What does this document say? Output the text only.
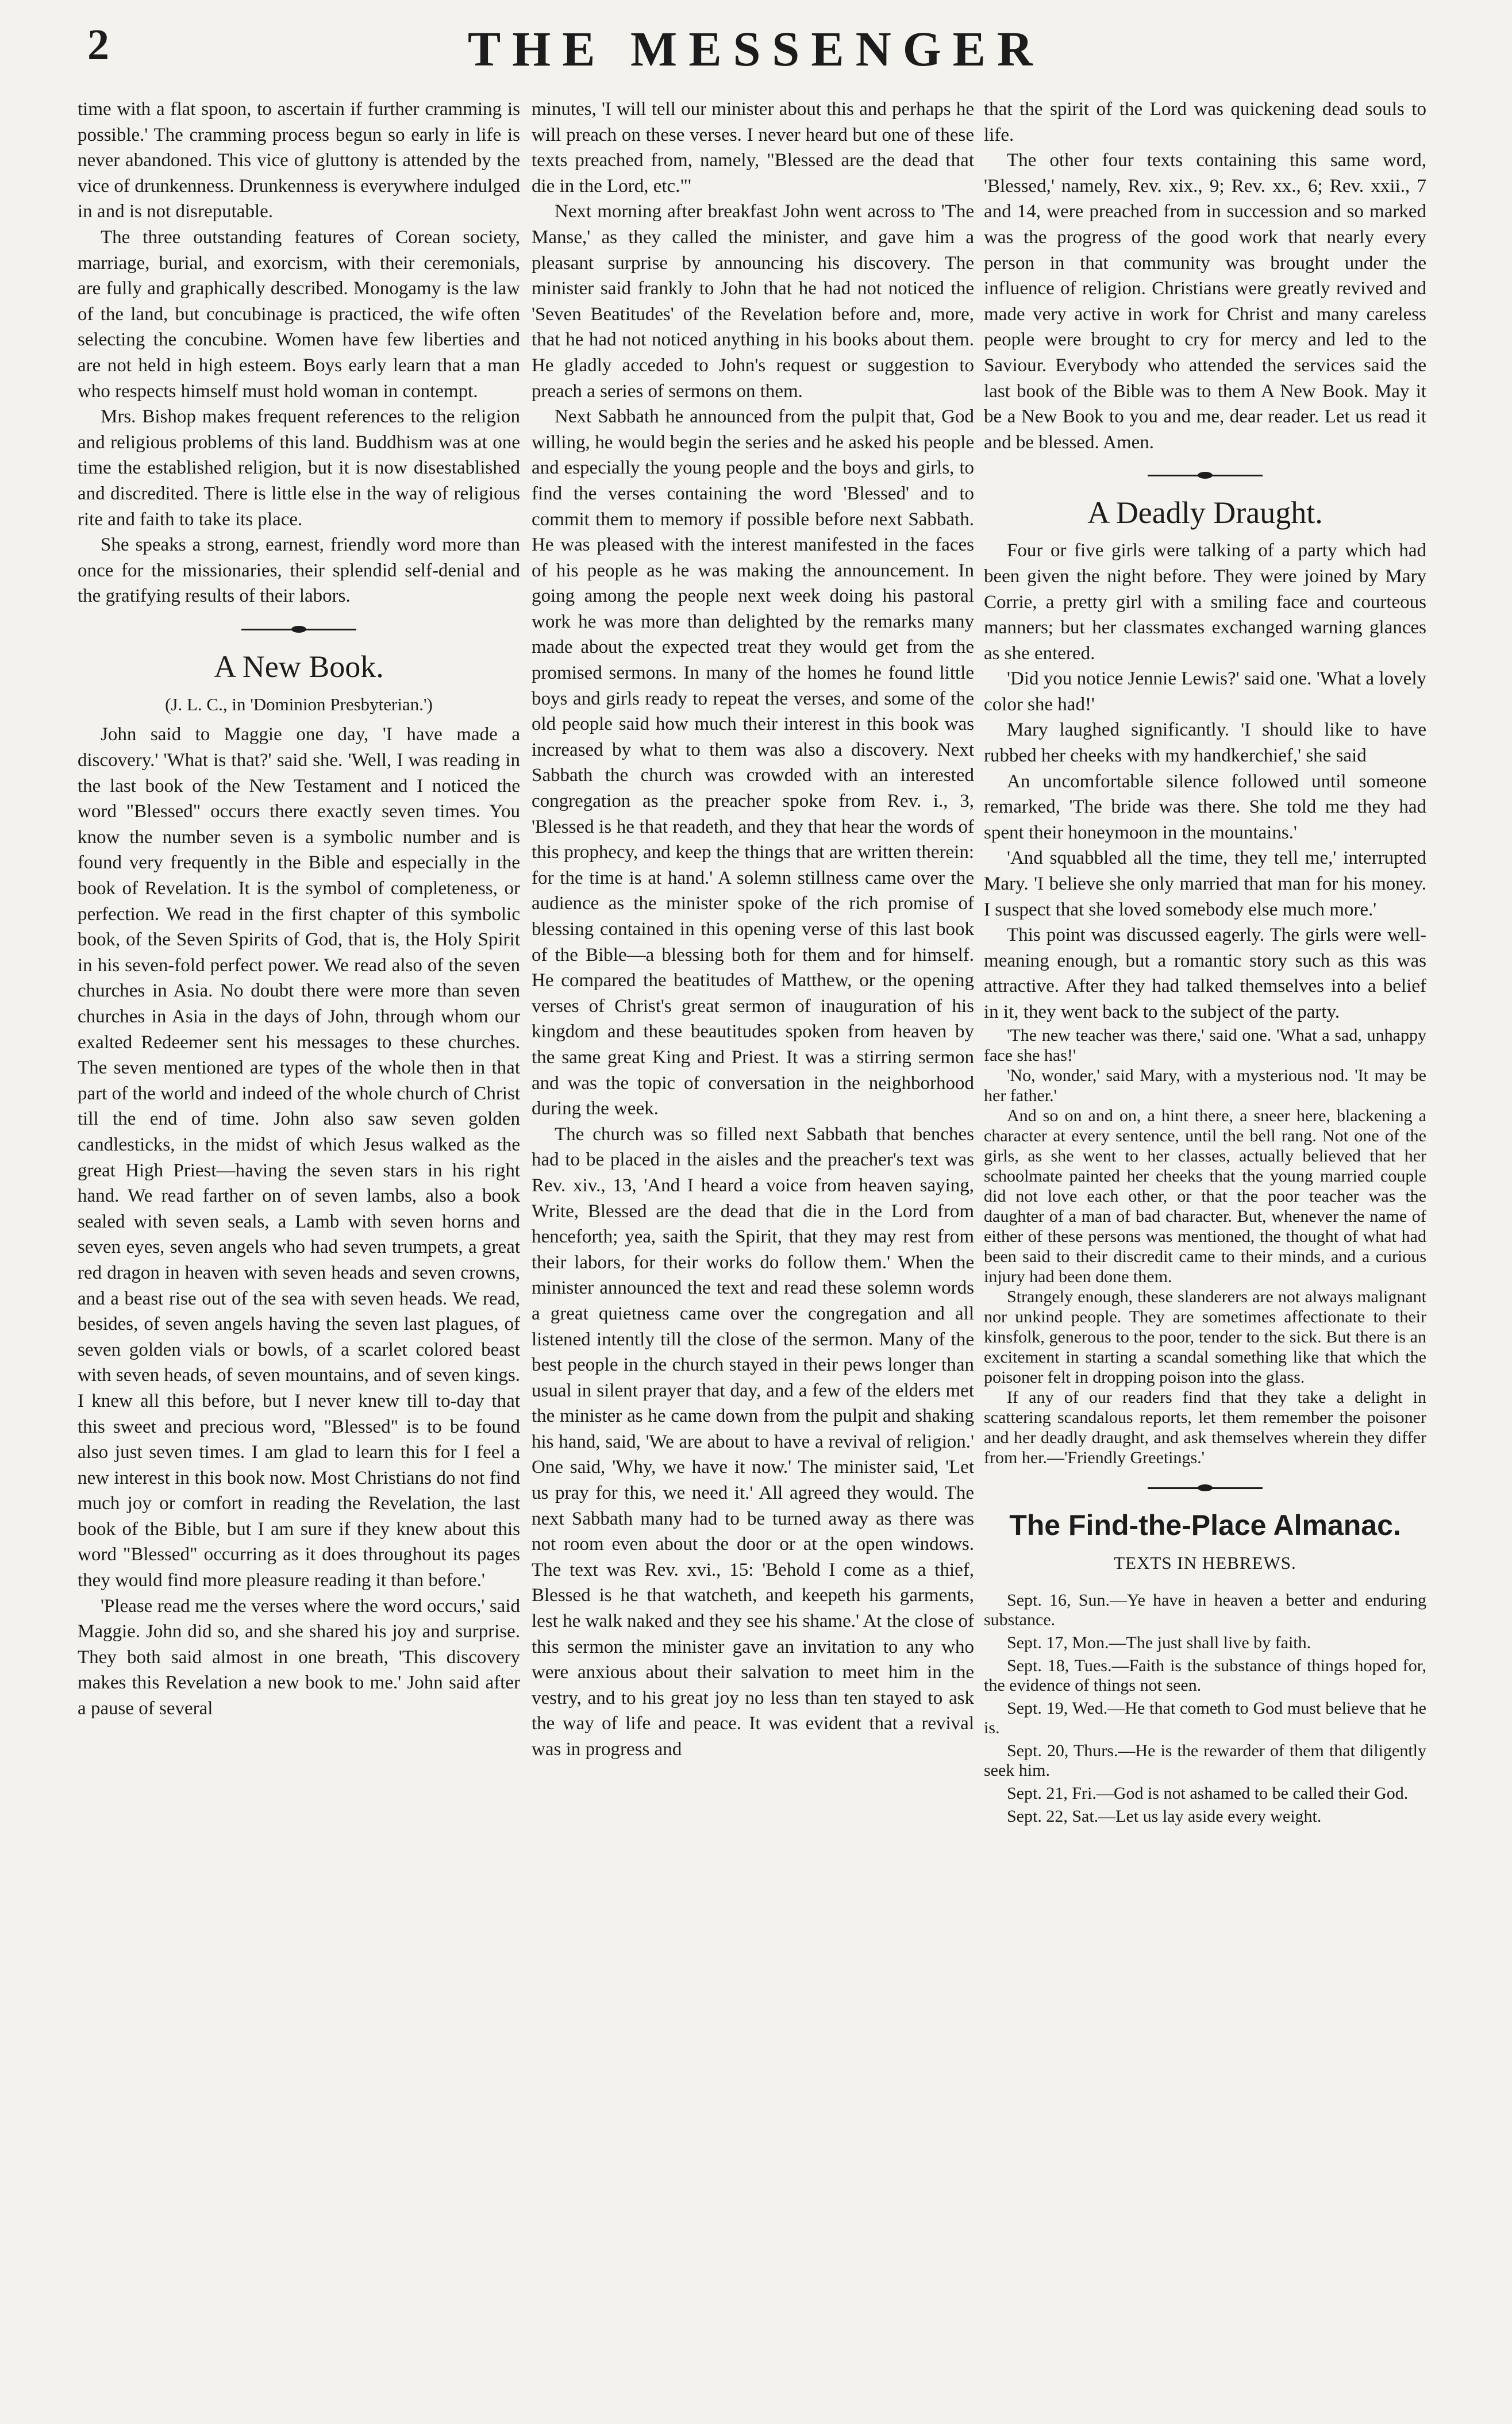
2	THE MESSENGER

time with a flat spoon, to ascertain if further cramming is possible.' The cramming process begun so early in life is never abandoned. This vice of gluttony is attended by the vice of drunkenness. Drunkenness is everywhere indulged in and is not disreputable.

The three outstanding features of Corean society, marriage, burial, and exorcism, with their ceremonials, are fully and graphically described. Monogamy is the law of the land, but concubinage is practiced, the wife often selecting the concubine. Women have few liberties and are not held in high esteem. Boys early learn that a man who respects himself must hold woman in contempt.

Mrs. Bishop makes frequent references to the religion and religious problems of this land. Buddhism was at one time the established religion, but it is now disestablished and discredited. There is little else in the way of religious rite and faith to take its place.

She speaks a strong, earnest, friendly word more than once for the missionaries, their splendid self-denial and the gratifying results of their labors.

A New Book.
(J. L. C., in 'Dominion Presbyterian.')

John said to Maggie one day, 'I have made a discovery.' 'What is that?' said she. 'Well, I was reading in the last book of the New Testament and I noticed the word "Blessed" occurs there exactly seven times. You know the number seven is a symbolic number and is found very frequently in the Bible and especially in the book of Revelation. It is the symbol of completeness, or perfection. We read in the first chapter of this symbolic book, of the Seven Spirits of God, that is, the Holy Spirit in his seven-fold perfect power. We read also of the seven churches in Asia. No doubt there were more than seven churches in Asia in the days of John, through whom our exalted Redeemer sent his messages to these churches. The seven mentioned are types of the whole then in that part of the world and indeed of the whole church of Christ till the end of time. John also saw seven golden candlesticks, in the midst of which Jesus walked as the great High Priest—having the seven stars in his right hand. We read farther on of seven lambs, also a book sealed with seven seals, a Lamb with seven horns and seven eyes, seven angels who had seven trumpets, a great red dragon in heaven with seven heads and seven crowns, and a beast rise out of the sea with seven heads. We read, besides, of seven angels having the seven last plagues, of seven golden vials or bowls, of a scarlet colored beast with seven heads, of seven mountains, and of seven kings. I knew all this before, but I never knew till to-day that this sweet and precious word, "Blessed" is to be found also just seven times. I am glad to learn this for I feel a new interest in this book now. Most Christians do not find much joy or comfort in reading the Revelation, the last book of the Bible, but I am sure if they knew about this word "Blessed" occurring as it does throughout its pages they would find more pleasure reading it than before.'

'Please read me the verses where the word occurs,' said Maggie. John did so, and she shared his joy and surprise. They both said almost in one breath, 'This discovery makes this Revelation a new book to me.' John said after a pause of several

minutes, 'I will tell our minister about this and perhaps he will preach on these verses. I never heard but one of these texts preached from, namely, "Blessed are the dead that die in the Lord, etc."'

Next morning after breakfast John went across to 'The Manse,' as they called the minister, and gave him a pleasant surprise by announcing his discovery. The minister said frankly to John that he had not noticed the 'Seven Beatitudes' of the Revelation before and, more, that he had not noticed anything in his books about them. He gladly acceded to John's request or suggestion to preach a series of sermons on them.

Next Sabbath he announced from the pulpit that, God willing, he would begin the series and he asked his people and especially the young people and the boys and girls, to find the verses containing the word 'Blessed' and to commit them to memory if possible before next Sabbath. He was pleased with the interest manifested in the faces of his people as he was making the announcement. In going among the people next week doing his pastoral work he was more than delighted by the remarks many made about the expected treat they would get from the promised sermons. In many of the homes he found little boys and girls ready to repeat the verses, and some of the old people said how much their interest in this book was increased by what to them was also a discovery. Next Sabbath the church was crowded with an interested congregation as the preacher spoke from Rev. i., 3, 'Blessed is he that readeth, and they that hear the words of this prophecy, and keep the things that are written therein: for the time is at hand.' A solemn stillness came over the audience as the minister spoke of the rich promise of blessing contained in this opening verse of this last book of the Bible—a blessing both for them and for himself. He compared the beatitudes of Matthew, or the opening verses of Christ's great sermon of inauguration of his kingdom and these beautitudes spoken from heaven by the same great King and Priest. It was a stirring sermon and was the topic of conversation in the neighborhood during the week.

The church was so filled next Sabbath that benches had to be placed in the aisles and the preacher's text was Rev. xiv., 13, 'And I heard a voice from heaven saying, Write, Blessed are the dead that die in the Lord from henceforth; yea, saith the Spirit, that they may rest from their labors, for their works do follow them.' When the minister announced the text and read these solemn words a great quietness came over the congregation and all listened intently till the close of the sermon. Many of the best people in the church stayed in their pews longer than usual in silent prayer that day, and a few of the elders met the minister as he came down from the pulpit and shaking his hand, said, 'We are about to have a revival of religion.' One said, 'Why, we have it now.' The minister said, 'Let us pray for this, we need it.' All agreed they would. The next Sabbath many had to be turned away as there was not room even about the door or at the open windows. The text was Rev. xvi., 15: 'Behold I come as a thief, Blessed is he that watcheth, and keepeth his garments, lest he walk naked and they see his shame.' At the close of this sermon the minister gave an invitation to any who were anxious about their salvation to meet him in the vestry, and to his great joy no less than ten stayed to ask the way of life and peace. It was evident that a revival was in progress and

that the spirit of the Lord was quickening dead souls to life.

The other four texts containing this same word, 'Blessed,' namely, Rev. xix., 9; Rev. xx., 6; Rev. xxii., 7 and 14, were preached from in succession and so marked was the progress of the good work that nearly every person in that community was brought under the influence of religion. Christians were greatly revived and made very active in work for Christ and many careless people were brought to cry for mercy and led to the Saviour. Everybody who attended the services said the last book of the Bible was to them A New Book. May it be a New Book to you and me, dear reader. Let us read it and be blessed. Amen.

A Deadly Draught.

Four or five girls were talking of a party which had been given the night before. They were joined by Mary Corrie, a pretty girl with a smiling face and courteous manners; but her classmates exchanged warning glances as she entered.

'Did you notice Jennie Lewis?' said one. 'What a lovely color she had!'

Mary laughed significantly. 'I should like to have rubbed her cheeks with my handkerchief,' she said

An uncomfortable silence followed until someone remarked, 'The bride was there. She told me they had spent their honeymoon in the mountains.'

'And squabbled all the time, they tell me,' interrupted Mary. 'I believe she only married that man for his money. I suspect that she loved somebody else much more.'

This point was discussed eagerly. The girls were well-meaning enough, but a romantic story such as this was attractive. After they had talked themselves into a belief in it, they went back to the subject of the party.

'The new teacher was there,' said one. 'What a sad, unhappy face she has!'

'No, wonder,' said Mary, with a mysterious nod. 'It may be her father.'

And so on and on, a hint there, a sneer here, blackening a character at every sentence, until the bell rang. Not one of the girls, as she went to her classes, actually believed that her schoolmate painted her cheeks that the young married couple did not love each other, or that the poor teacher was the daughter of a man of bad character. But, whenever the name of either of these persons was mentioned, the thought of what had been said to their discredit came to their minds, and a curious injury had been done them.

Strangely enough, these slanderers are not always malignant nor unkind people. They are sometimes affectionate to their kinsfolk, generous to the poor, tender to the sick. But there is an excitement in starting a scandal something like that which the poisoner felt in dropping poison into the glass.

If any of our readers find that they take a delight in scattering scandalous reports, let them remember the poisoner and her deadly draught, and ask themselves wherein they differ from her.—'Friendly Greetings.'

The Find-the-Place Almanac.
TEXTS IN HEBREWS.

Sept. 16, Sun.—Ye have in heaven a better and enduring substance.

Sept. 17, Mon.—The just shall live by faith.

Sept. 18, Tues.—Faith is the substance of things hoped for, the evidence of things not seen.

Sept. 19, Wed.—He that cometh to God must believe that he is.

Sept. 20, Thurs.—He is the rewarder of them that diligently seek him.

Sept. 21, Fri.—God is not ashamed to be called their God.

Sept. 22, Sat.—Let us lay aside every weight.
